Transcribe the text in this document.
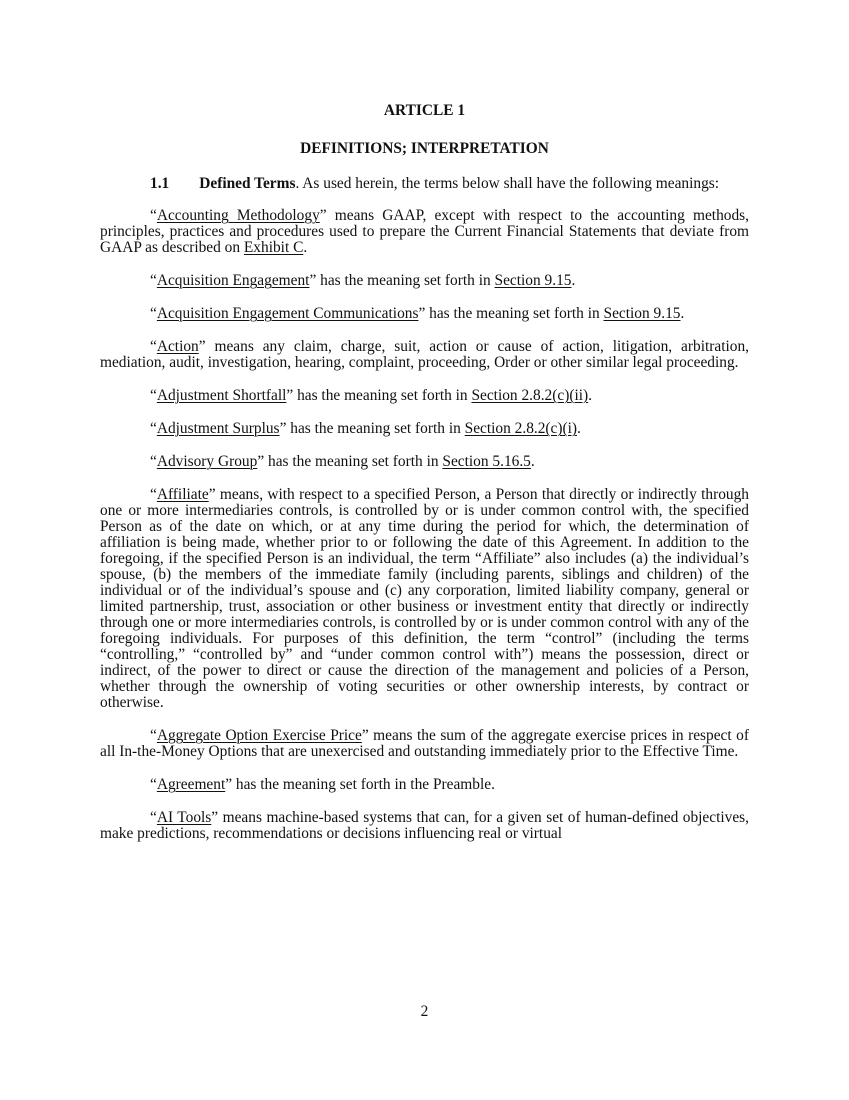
ARTICLE 1

DEFINITIONS; INTERPRETATION

1.1 Defined Terms. As used herein, the terms below shall have the following meanings:

“Accounting Methodology” means GAAP, except with respect to the accounting methods, principles, practices and procedures used to prepare the Current Financial Statements that deviate from GAAP as described on Exhibit C.

“Acquisition Engagement” has the meaning set forth in Section 9.15.

“Acquisition Engagement Communications” has the meaning set forth in Section 9.15.

“Action” means any claim, charge, suit, action or cause of action, litigation, arbitration, mediation, audit, investigation, hearing, complaint, proceeding, Order or other similar legal proceeding.

“Adjustment Shortfall” has the meaning set forth in Section 2.8.2(c)(ii).

“Adjustment Surplus” has the meaning set forth in Section 2.8.2(c)(i).

“Advisory Group” has the meaning set forth in Section 5.16.5.

“Affiliate” means, with respect to a specified Person, a Person that directly or indirectly through one or more intermediaries controls, is controlled by or is under common control with, the specified Person as of the date on which, or at any time during the period for which, the determination of affiliation is being made, whether prior to or following the date of this Agreement. In addition to the foregoing, if the specified Person is an individual, the term “Affiliate” also includes (a) the individual’s spouse, (b) the members of the immediate family (including parents, siblings and children) of the individual or of the individual’s spouse and (c) any corporation, limited liability company, general or limited partnership, trust, association or other business or investment entity that directly or indirectly through one or more intermediaries controls, is controlled by or is under common control with any of the foregoing individuals. For purposes of this definition, the term “control” (including the terms “controlling,” “controlled by” and “under common control with”) means the possession, direct or indirect, of the power to direct or cause the direction of the management and policies of a Person, whether through the ownership of voting securities or other ownership interests, by contract or otherwise.

“Aggregate Option Exercise Price” means the sum of the aggregate exercise prices in respect of all In-the-Money Options that are unexercised and outstanding immediately prior to the Effective Time.

“Agreement” has the meaning set forth in the Preamble.

“AI Tools” means machine-based systems that can, for a given set of human-defined objectives, make predictions, recommendations or decisions influencing real or virtual

2
